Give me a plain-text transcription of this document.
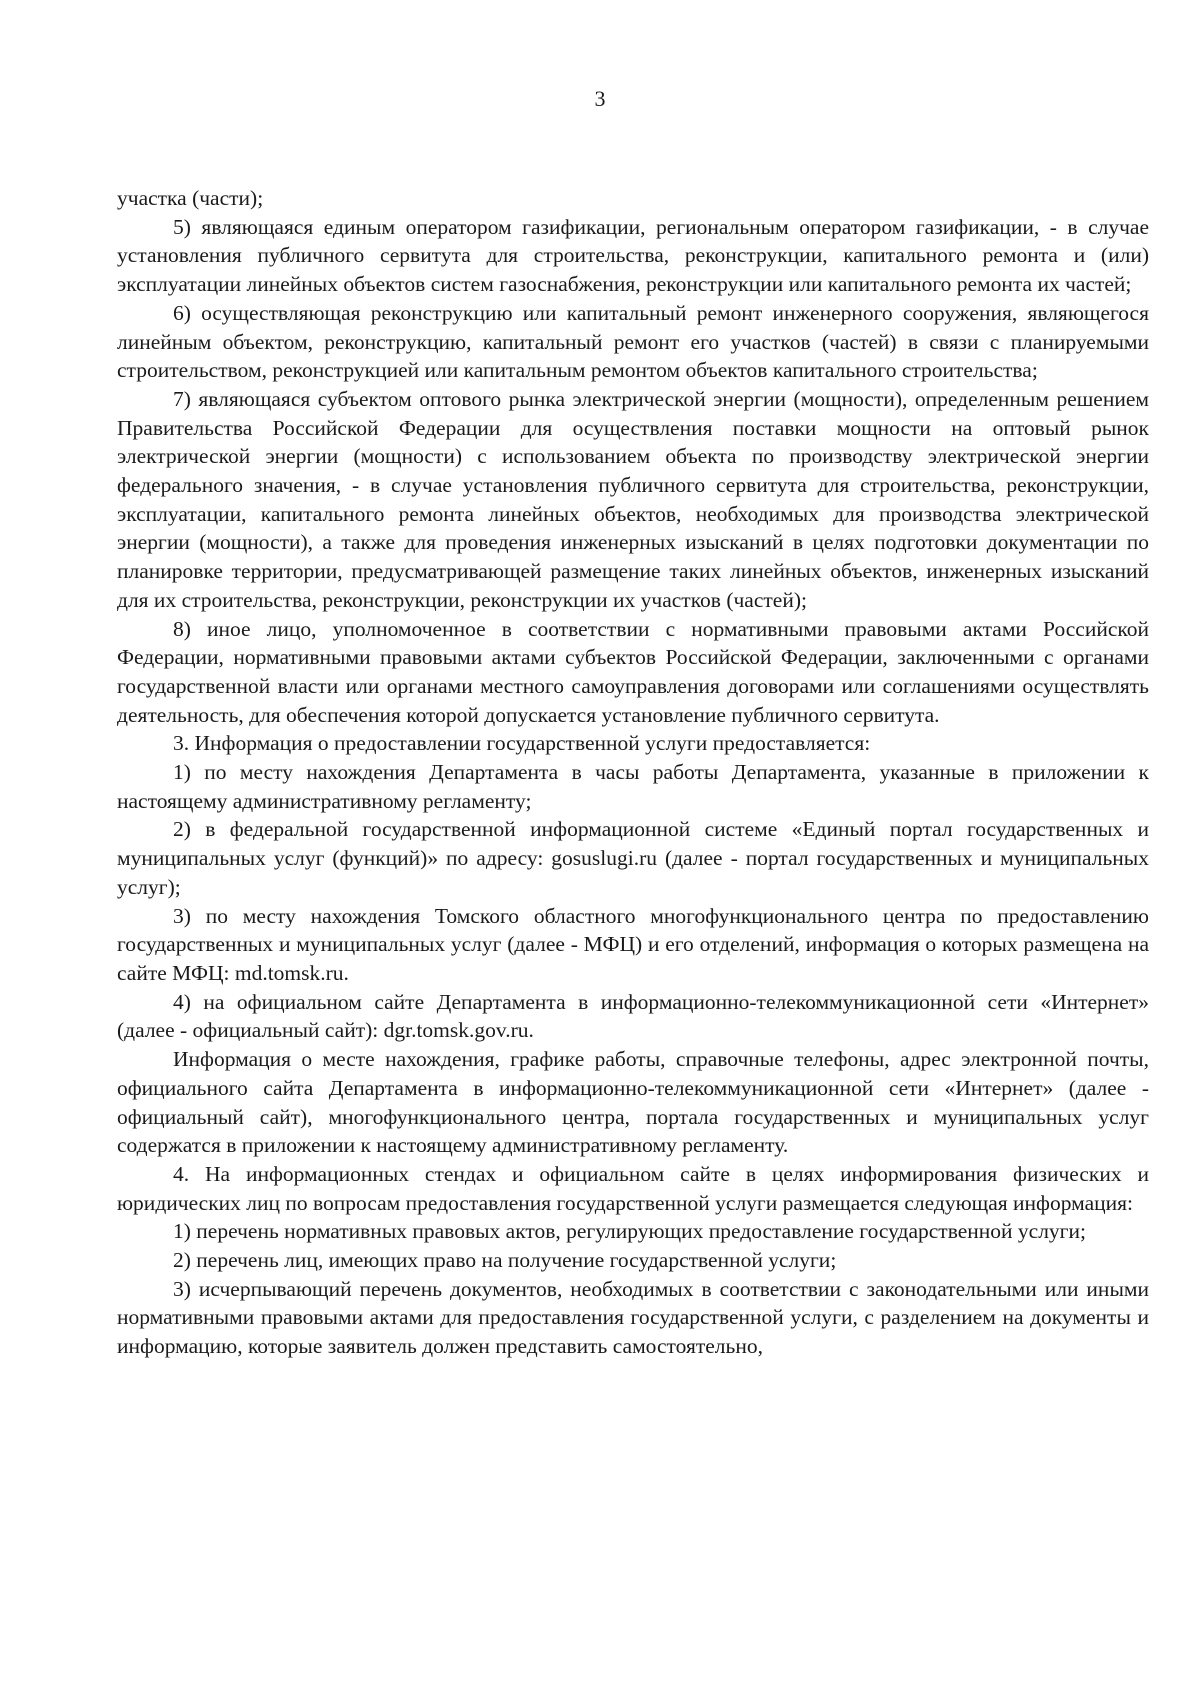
3

участка (части);

5) являющаяся единым оператором газификации, региональным оператором газификации, - в случае установления публичного сервитута для строительства, реконструкции, капитального ремонта и (или) эксплуатации линейных объектов систем газоснабжения, реконструкции или капитального ремонта их частей;

6) осуществляющая реконструкцию или капитальный ремонт инженерного сооружения, являющегося линейным объектом, реконструкцию, капитальный ремонт его участков (частей) в связи с планируемыми строительством, реконструкцией или капитальным ремонтом объектов капитального строительства;

7) являющаяся субъектом оптового рынка электрической энергии (мощности), определенным решением Правительства Российской Федерации для осуществления поставки мощности на оптовый рынок электрической энергии (мощности) с использованием объекта по производству электрической энергии федерального значения, - в случае установления публичного сервитута для строительства, реконструкции, эксплуатации, капитального ремонта линейных объектов, необходимых для производства электрической энергии (мощности), а также для проведения инженерных изысканий в целях подготовки документации по планировке территории, предусматривающей размещение таких линейных объектов, инженерных изысканий для их строительства, реконструкции, реконструкции их участков (частей);

8) иное лицо, уполномоченное в соответствии с нормативными правовыми актами Российской Федерации, нормативными правовыми актами субъектов Российской Федерации, заключенными с органами государственной власти или органами местного самоуправления договорами или соглашениями осуществлять деятельность, для обеспечения которой допускается установление публичного сервитута.

3. Информация о предоставлении государственной услуги предоставляется:

1) по месту нахождения Департамента в часы работы Департамента, указанные в приложении к настоящему административному регламенту;

2) в федеральной государственной информационной системе «Единый портал государственных и муниципальных услуг (функций)» по адресу: gosuslugi.ru (далее - портал государственных и муниципальных услуг);

3) по месту нахождения Томского областного многофункционального центра по предоставлению государственных и муниципальных услуг (далее - МФЦ) и его отделений, информация о которых размещена на сайте МФЦ: md.tomsk.ru.

4) на официальном сайте Департамента в информационно-телекоммуникационной сети «Интернет» (далее - официальный сайт): dgr.tomsk.gov.ru.

Информация о месте нахождения, графике работы, справочные телефоны, адрес электронной почты, официального сайта Департамента в информационно-телекоммуникационной сети «Интернет» (далее - официальный сайт), многофункционального центра, портала государственных и муниципальных услуг содержатся в приложении к настоящему административному регламенту.

4. На информационных стендах и официальном сайте в целях информирования физических и юридических лиц по вопросам предоставления государственной услуги размещается следующая информация:

1) перечень нормативных правовых актов, регулирующих предоставление государственной услуги;

2) перечень лиц, имеющих право на получение государственной услуги;

3) исчерпывающий перечень документов, необходимых в соответствии с законодательными или иными нормативными правовыми актами для предоставления государственной услуги, с разделением на документы и информацию, которые заявитель должен представить самостоятельно,
